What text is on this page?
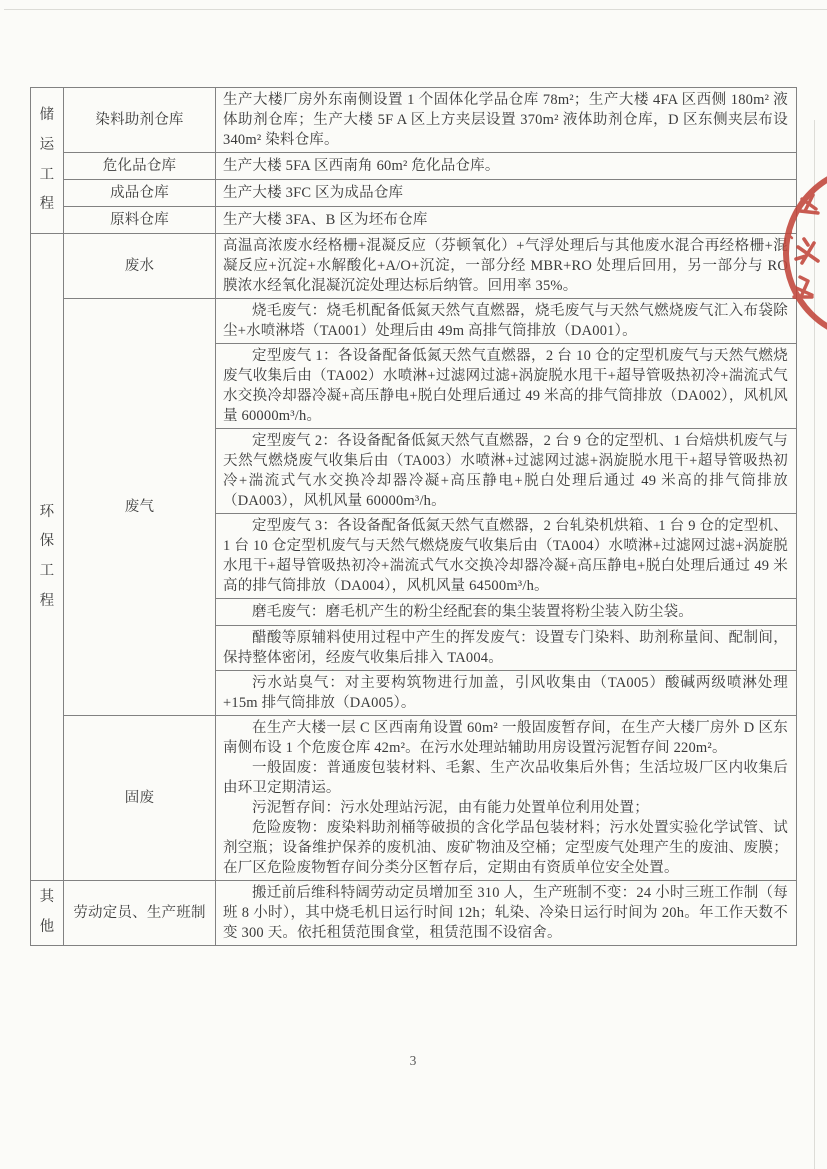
储运工程	染料助剂仓库	生产大楼厂房外东南侧设置 1 个固体化学品仓库 78m²；生产大楼 4FA 区西侧 180m² 液体助剂仓库；生产大楼 5F A 区上方夹层设置 370m² 液体助剂仓库，D 区东侧夹层布设 340m² 染料仓库。

	危化品仓库	生产大楼 5FA 区西南角 60m² 危化品仓库。

	成品仓库	生产大楼 3FC 区为成品仓库

	原料仓库	生产大楼 3FA、B 区为坯布仓库

环保工程	废水	高温高浓废水经格栅+混凝反应（芬顿氧化）+气浮处理后与其他废水混合再经格栅+混凝反应+沉淀+水解酸化+A/O+沉淀，一部分经 MBR+RO 处理后回用，另一部分与 RO 膜浓水经氧化混凝沉淀处理达标后纳管。回用率 35%。

	废气	烧毛废气：烧毛机配备低氮天然气直燃器，烧毛废气与天然气燃烧废气汇入布袋除尘+水喷淋塔（TA001）处理后由 49m 高排气筒排放（DA001）。

		定型废气 1：各设备配备低氮天然气直燃器，2 台 10 仓的定型机废气与天然气燃烧废气收集后由（TA002）水喷淋+过滤网过滤+涡旋脱水甩干+超导管吸热初冷+湍流式气水交换冷却器冷凝+高压静电+脱白处理后通过 49 米高的排气筒排放（DA002），风机风量 60000m³/h。

		定型废气 2：各设备配备低氮天然气直燃器，2 台 9 仓的定型机、1 台焙烘机废气与天然气燃烧废气收集后由（TA003）水喷淋+过滤网过滤+涡旋脱水甩干+超导管吸热初冷+湍流式气水交换冷却器冷凝+高压静电+脱白处理后通过 49 米高的排气筒排放（DA003），风机风量 60000m³/h。

		定型废气 3：各设备配备低氮天然气直燃器，2 台轧染机烘箱、1 台 9 仓的定型机、1 台 10 仓定型机废气与天然气燃烧废气收集后由（TA004）水喷淋+过滤网过滤+涡旋脱水甩干+超导管吸热初冷+湍流式气水交换冷却器冷凝+高压静电+脱白处理后通过 49 米高的排气筒排放（DA004），风机风量 64500m³/h。

		磨毛废气：磨毛机产生的粉尘经配套的集尘装置将粉尘装入防尘袋。

		醋酸等原辅料使用过程中产生的挥发废气：设置专门染料、助剂称量间、配制间，保持整体密闭，经废气收集后排入 TA004。

		污水站臭气：对主要构筑物进行加盖，引风收集由（TA005）酸碱两级喷淋处理+15m 排气筒排放（DA005）。

	固废	在生产大楼一层 C 区西南角设置 60m² 一般固废暂存间，在生产大楼厂房外 D 区东南侧布设 1 个危废仓库 42m²。在污水处理站辅助用房设置污泥暂存间 220m²。
一般固废：普通废包装材料、毛絮、生产次品收集后外售；生活垃圾厂区内收集后由环卫定期清运。
污泥暂存间：污水处理站污泥，由有能力处置单位利用处置；
危险废物：废染料助剂桶等破损的含化学品包装材料；污水处置实验化学试管、试剂空瓶；设备维护保养的废机油、废矿物油及空桶；定型废气处理产生的废油、废膜；在厂区危险废物暂存间分类分区暂存后，定期由有资质单位安全处置。

其他	劳动定员、生产班制	搬迁前后维科特阔劳动定员增加至 310 人，生产班制不变：24 小时三班工作制（每班 8 小时），其中烧毛机日运行时间 12h；轧染、冷染日运行时间为 20h。年工作天数不变 300 天。依托租赁范围食堂，租赁范围不设宿舍。
3
